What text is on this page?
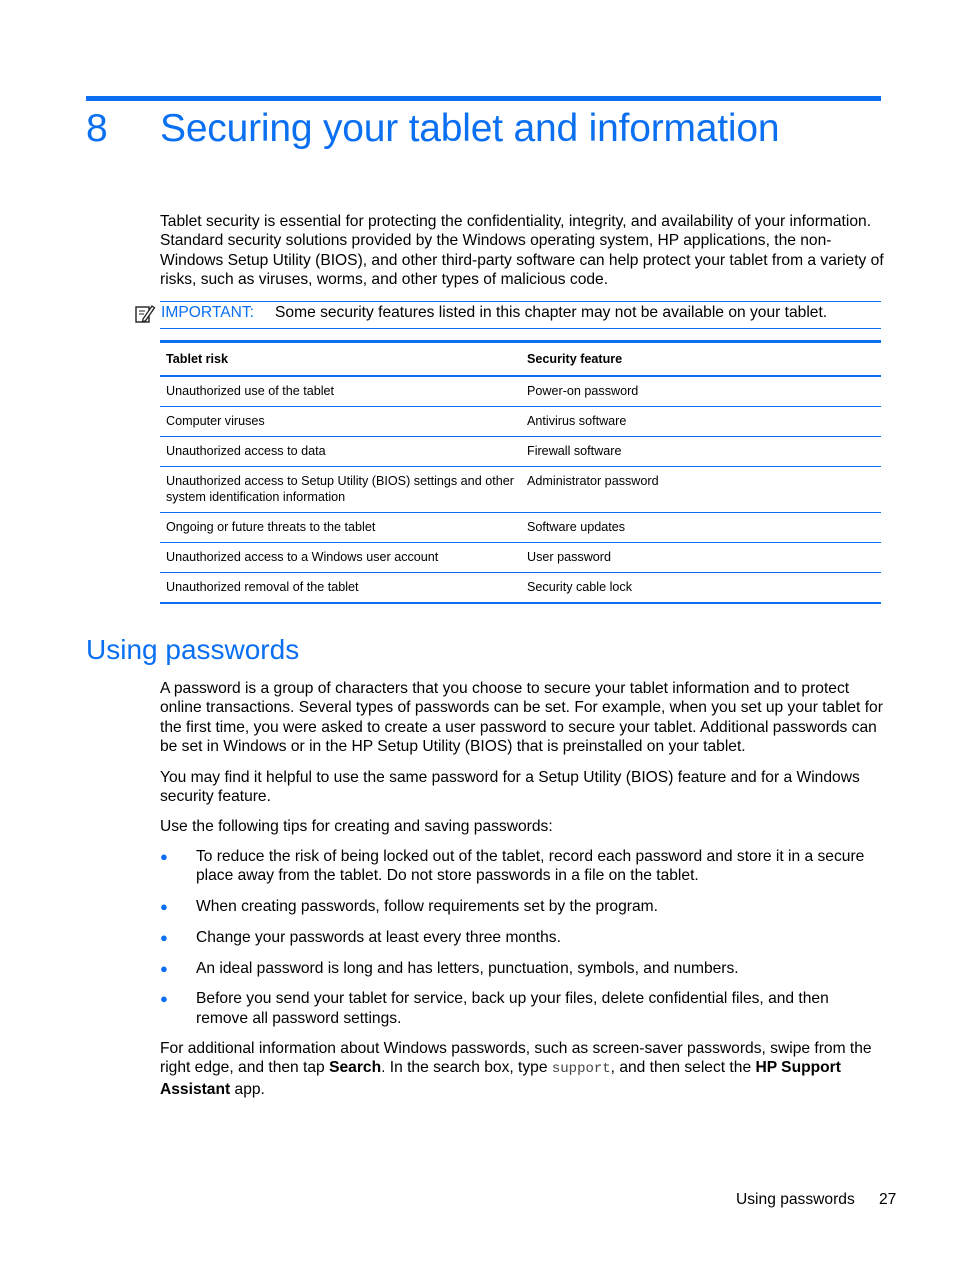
8 Securing your tablet and information
Tablet security is essential for protecting the confidentiality, integrity, and availability of your information. Standard security solutions provided by the Windows operating system, HP applications, the non-Windows Setup Utility (BIOS), and other third-party software can help protect your tablet from a variety of risks, such as viruses, worms, and other types of malicious code.
IMPORTANT: Some security features listed in this chapter may not be available on your tablet.
Tablet risk	Security feature
Unauthorized use of the tablet	Power-on password
Computer viruses	Antivirus software
Unauthorized access to data	Firewall software
Unauthorized access to Setup Utility (BIOS) settings and other system identification information	Administrator password
Ongoing or future threats to the tablet	Software updates
Unauthorized access to a Windows user account	User password
Unauthorized removal of the tablet	Security cable lock
Using passwords
A password is a group of characters that you choose to secure your tablet information and to protect online transactions. Several types of passwords can be set. For example, when you set up your tablet for the first time, you were asked to create a user password to secure your tablet. Additional passwords can be set in Windows or in the HP Setup Utility (BIOS) that is preinstalled on your tablet.
You may find it helpful to use the same password for a Setup Utility (BIOS) feature and for a Windows security feature.
Use the following tips for creating and saving passwords:
● To reduce the risk of being locked out of the tablet, record each password and store it in a secure place away from the tablet. Do not store passwords in a file on the tablet.
● When creating passwords, follow requirements set by the program.
● Change your passwords at least every three months.
● An ideal password is long and has letters, punctuation, symbols, and numbers.
● Before you send your tablet for service, back up your files, delete confidential files, and then remove all password settings.
For additional information about Windows passwords, such as screen-saver passwords, swipe from the right edge, and then tap Search. In the search box, type support, and then select the HP Support Assistant app.
Using passwords 27
